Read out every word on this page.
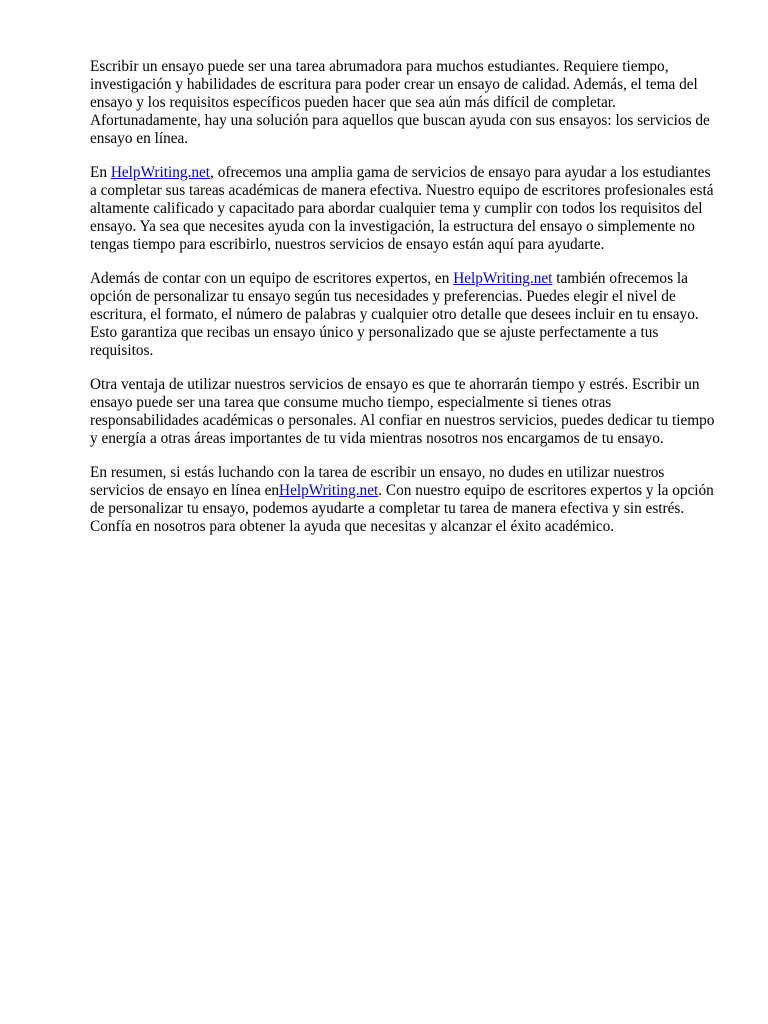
Escribir un ensayo puede ser una tarea abrumadora para muchos estudiantes. Requiere tiempo, investigación y habilidades de escritura para poder crear un ensayo de calidad. Además, el tema del ensayo y los requisitos específicos pueden hacer que sea aún más difícil de completar. Afortunadamente, hay una solución para aquellos que buscan ayuda con sus ensayos: los servicios de ensayo en línea.

En HelpWriting.net, ofrecemos una amplia gama de servicios de ensayo para ayudar a los estudiantes a completar sus tareas académicas de manera efectiva. Nuestro equipo de escritores profesionales está altamente calificado y capacitado para abordar cualquier tema y cumplir con todos los requisitos del ensayo. Ya sea que necesites ayuda con la investigación, la estructura del ensayo o simplemente no tengas tiempo para escribirlo, nuestros servicios de ensayo están aquí para ayudarte.

Además de contar con un equipo de escritores expertos, en HelpWriting.net también ofrecemos la opción de personalizar tu ensayo según tus necesidades y preferencias. Puedes elegir el nivel de escritura, el formato, el número de palabras y cualquier otro detalle que desees incluir en tu ensayo. Esto garantiza que recibas un ensayo único y personalizado que se ajuste perfectamente a tus requisitos.

Otra ventaja de utilizar nuestros servicios de ensayo es que te ahorrarán tiempo y estrés. Escribir un ensayo puede ser una tarea que consume mucho tiempo, especialmente si tienes otras responsabilidades académicas o personales. Al confiar en nuestros servicios, puedes dedicar tu tiempo y energía a otras áreas importantes de tu vida mientras nosotros nos encargamos de tu ensayo.

En resumen, si estás luchando con la tarea de escribir un ensayo, no dudes en utilizar nuestros servicios de ensayo en línea enHelpWriting.net. Con nuestro equipo de escritores expertos y la opción de personalizar tu ensayo, podemos ayudarte a completar tu tarea de manera efectiva y sin estrés. Confía en nosotros para obtener la ayuda que necesitas y alcanzar el éxito académico.
